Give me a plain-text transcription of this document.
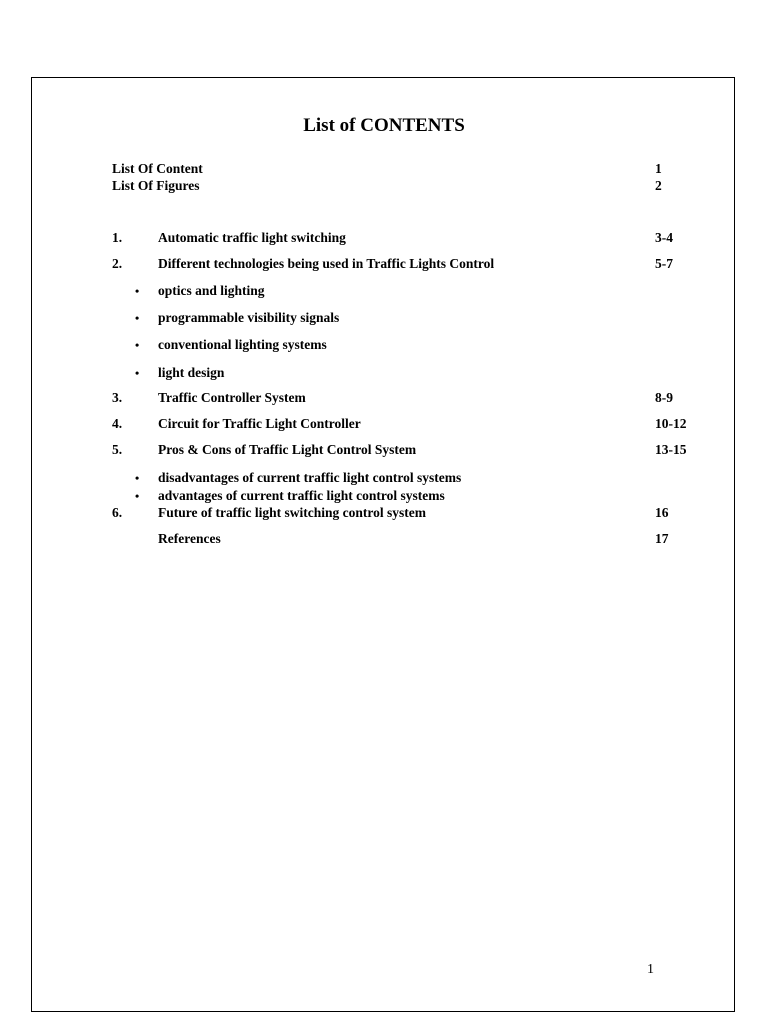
List of CONTENTS
List Of Content	1
List Of Figures	2
1.	Automatic traffic light switching	3-4
2.	Different technologies being used in Traffic Lights Control	5-7
• optics and lighting
• programmable visibility signals
• conventional lighting systems
• light design
3.	Traffic Controller System	8-9
4.	Circuit for Traffic Light Controller	10-12
5.	Pros & Cons of Traffic Light Control System	13-15
• disadvantages of current traffic light control systems
• advantages of current traffic light control systems
6.	Future of traffic light switching control system	16
References	17
1
